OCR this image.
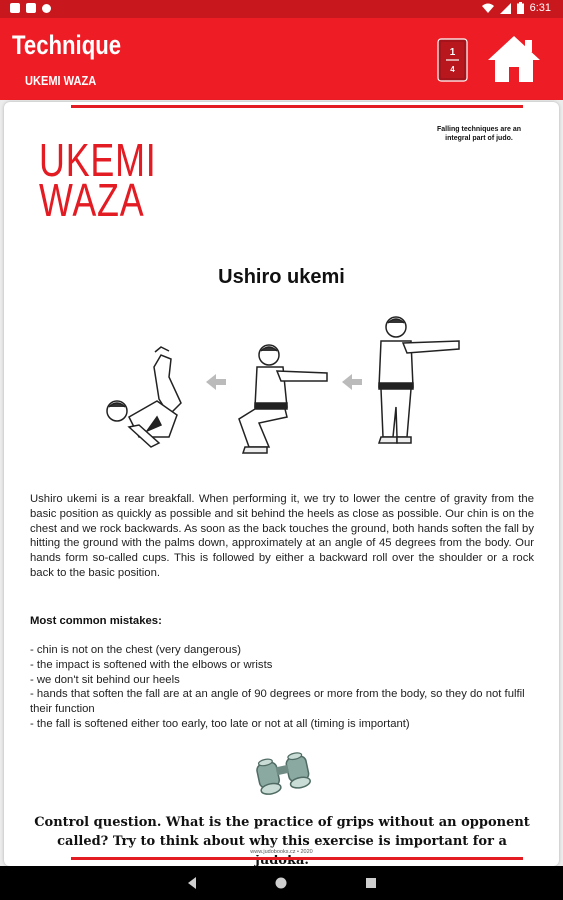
6:31
Technique
UKEMI WAZA
1
4
Falling techniques are an integral part of judo.
UKEMI
WAZA
Ushiro ukemi
Ushiro ukemi is a rear breakfall. When performing it, we try to lower the centre of gravity from the basic position as quickly as possible and sit behind the heels as close as possible. Our chin is on the chest and we rock backwards. As soon as the back touches the ground, both hands soften the fall by hitting the ground with the palms down, approximately at an angle of 45 degrees from the body. Our hands form so-called cups. This is followed by either a backward roll over the shoulder or a rock back to the basic position.
Most common mistakes:
- chin is not on the chest (very dangerous)
- the impact is softened with the elbows or wrists
- we don't sit behind our heels
- hands that soften the fall are at an angle of 90 degrees or more from the body, so they do not fulfil their function
- the fall is softened either too early, too late or not at all (timing is important)
Control question. What is the practice of grips without an opponent called? Try to think about why this exercise is important for a
www.judobooks.cz • 2020
